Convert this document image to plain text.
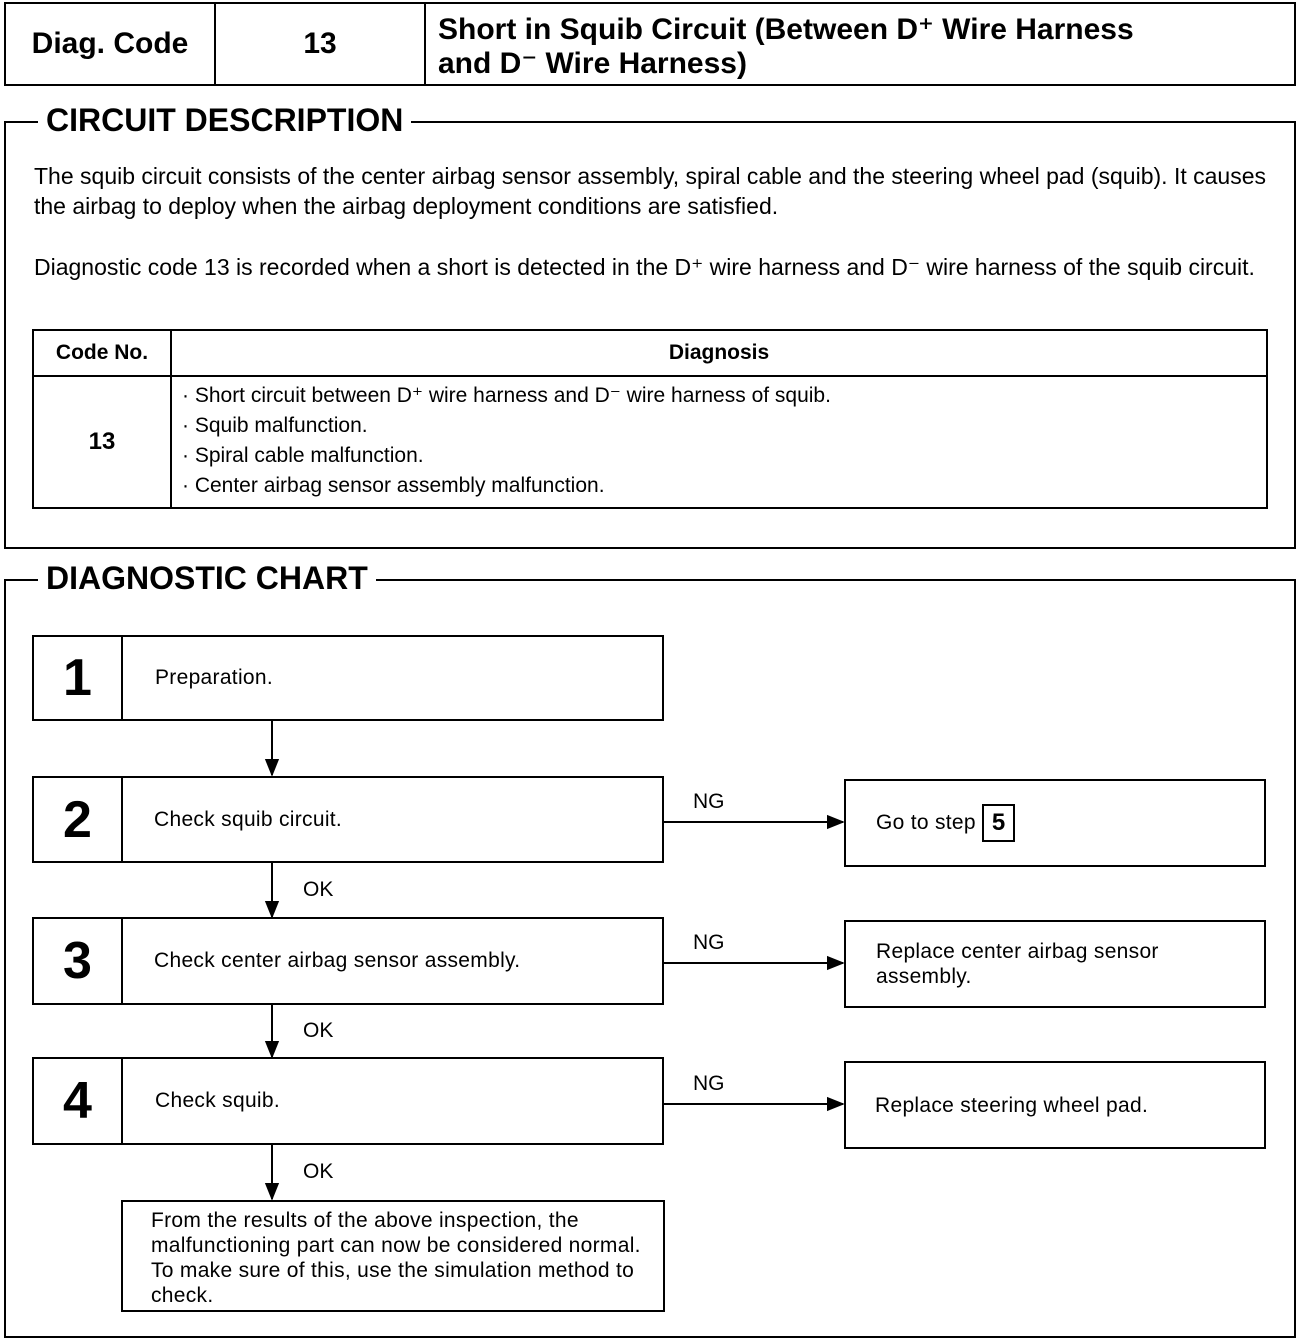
Diag. Code	13	Short in Squib Circuit (Between D⁺ Wire Harness
and D⁻ Wire Harness)
CIRCUIT DESCRIPTION
The squib circuit consists of the center airbag sensor assembly, spiral cable and the steering wheel pad (squib). It causes the airbag to deploy when the airbag deployment conditions are satisfied.
Diagnostic code 13 is recorded when a short is detected in the D⁺ wire harness and D⁻ wire harness of the squib circuit.
Code No.	Diagnosis
13	· Short circuit between D⁺ wire harness and D⁻ wire harness of squib.
· Squib malfunction.
· Spiral cable malfunction.
· Center airbag sensor assembly malfunction.
DIAGNOSTIC CHART
1	Preparation.
2	Check squib circuit.
OK
NG
Go to step 5
3	Check center airbag sensor assembly.
OK
NG	Replace center airbag sensor assembly.
4	Check squib.
OK
NG
Replace steering wheel pad.
From the results of the above inspection, the malfunctioning part can now be considered normal. To make sure of this, use the simulation method to check.
